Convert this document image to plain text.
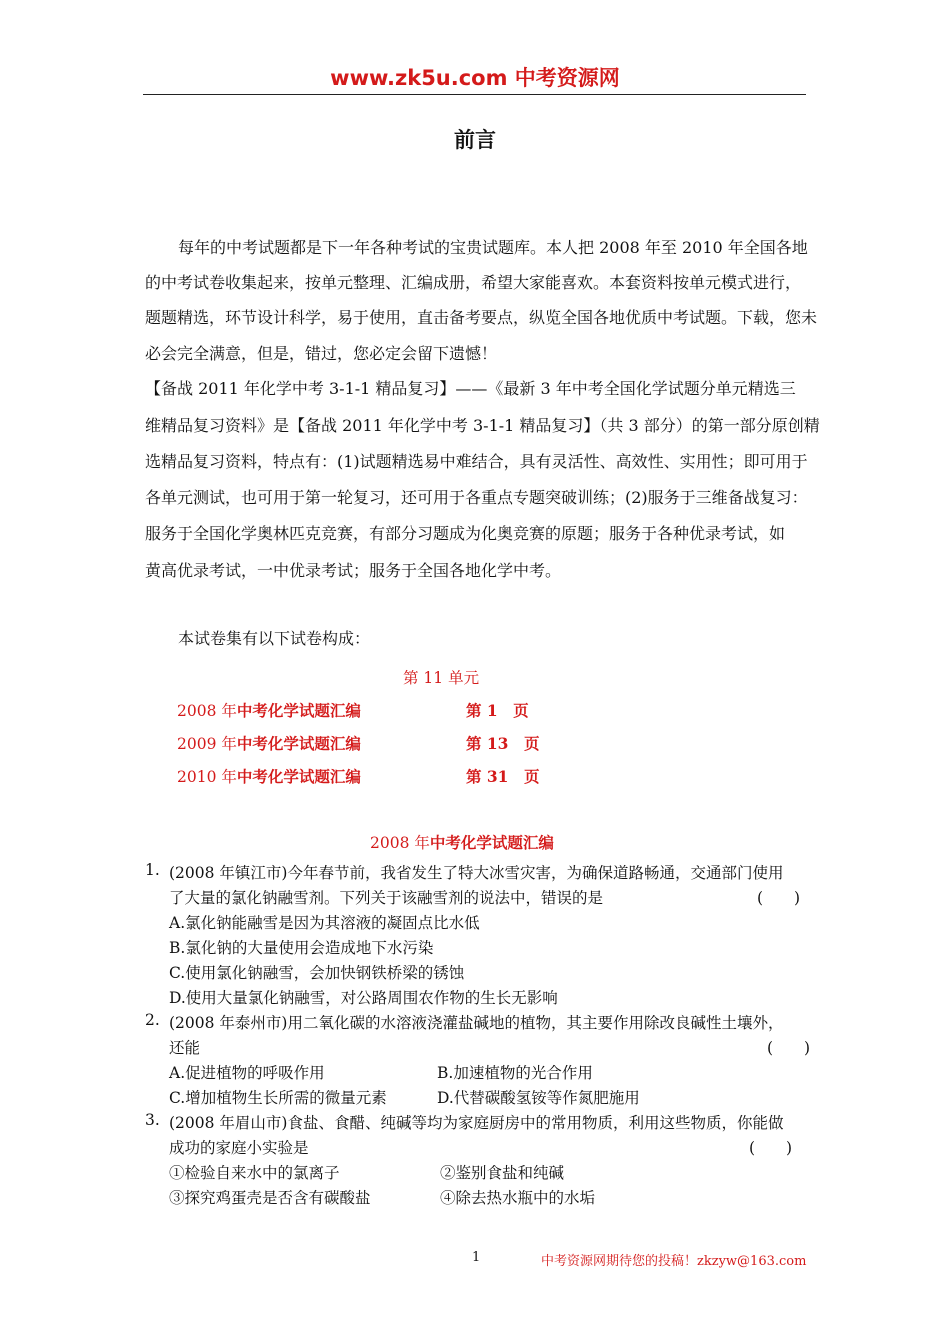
www.zk5u.com 中考资源网
前言
每年的中考试题都是下一年各种考试的宝贵试题库。本人把 2008 年至 2010 年全国各地
的中考试卷收集起来，按单元整理、汇编成册，希望大家能喜欢。本套资料按单元模式进行，
题题精选，环节设计科学，易于使用，直击备考要点，纵览全国各地优质中考试题。下载，您未
必会完全满意，但是，错过，您必定会留下遗憾！
【备战 2011 年化学中考 3-1-1 精品复习】——《最新 3 年中考全国化学试题分单元精选三
维精品复习资料》是【备战 2011 年化学中考 3-1-1 精品复习】（共 3 部分）的第一部分原创精
选精品复习资料，特点有：(1)试题精选易中难结合，具有灵活性、高效性、实用性；即可用于
各单元测试，也可用于第一轮复习，还可用于各重点专题突破训练；(2)服务于三维备战复习：
服务于全国化学奥林匹克竞赛，有部分习题成为化奥竞赛的原题；服务于各种优录考试，如
黄高优录考试，一中优录考试；服务于全国各地化学中考。
本试卷集有以下试卷构成：
第 11 单元
2008 年中考化学试题汇编	第 1　页
2009 年中考化学试题汇编	第 13　页
2010 年中考化学试题汇编	第 31　页
2008 年中考化学试题汇编
1. (2008 年镇江市)今年春节前，我省发生了特大冰雪灾害，为确保道路畅通，交通部门使用
了大量的氯化钠融雪剂。下列关于该融雪剂的说法中，错误的是	(　　)
A.氯化钠能融雪是因为其溶液的凝固点比水低
B.氯化钠的大量使用会造成地下水污染
C.使用氯化钠融雪，会加快钢铁桥梁的锈蚀
D.使用大量氯化钠融雪，对公路周围农作物的生长无影响
2. (2008 年泰州市)用二氧化碳的水溶液浇灌盐碱地的植物，其主要作用除改良碱性土壤外，
还能	(　　)
A.促进植物的呼吸作用	B.加速植物的光合作用
C.增加植物生长所需的微量元素	D.代替碳酸氢铵等作氮肥施用
3. (2008 年眉山市)食盐、食醋、纯碱等均为家庭厨房中的常用物质，利用这些物质，你能做
成功的家庭小实验是	(　　)
①检验自来水中的氯离子	②鉴别食盐和纯碱
③探究鸡蛋壳是否含有碳酸盐	④除去热水瓶中的水垢
1	中考资源网期待您的投稿！zkzyw@163.com
